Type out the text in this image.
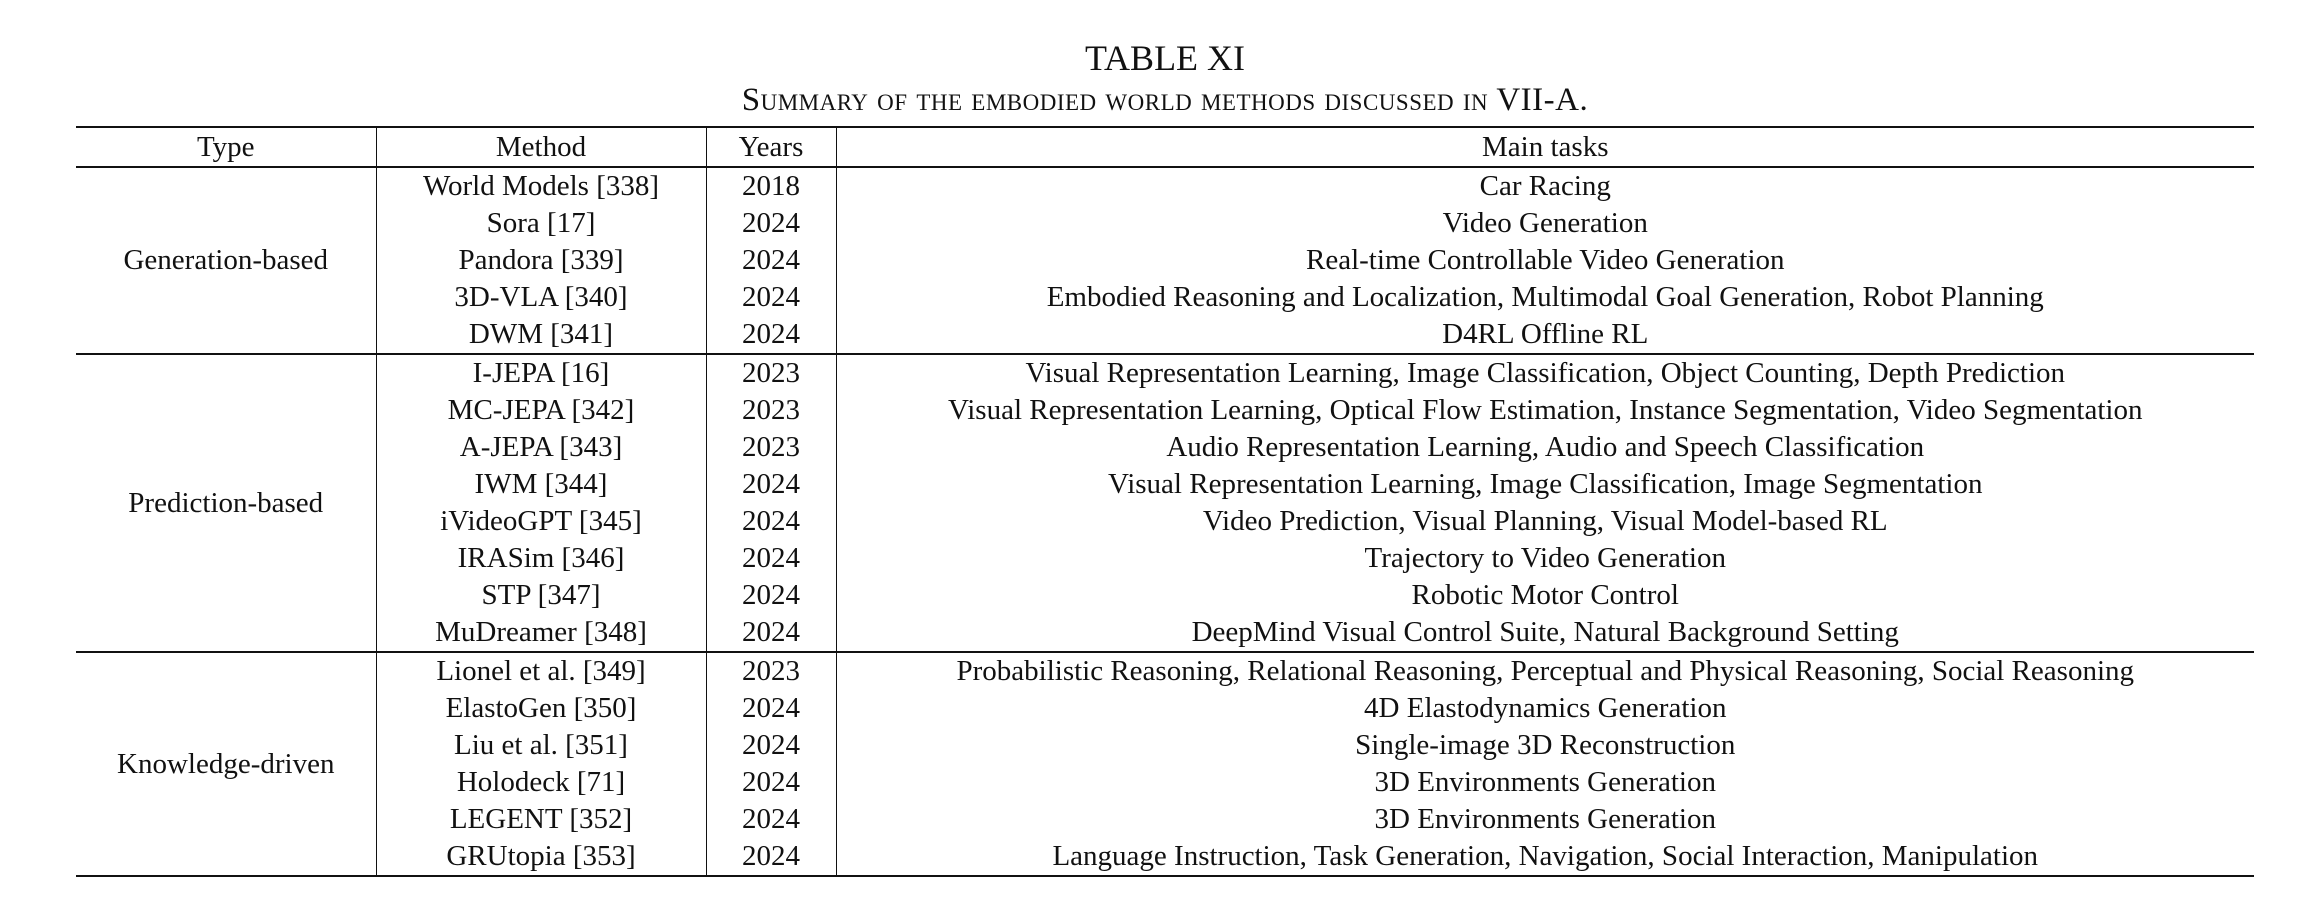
TABLE XI
Summary of the embodied world methods discussed in VII-A.
Type	Method	Years	Main tasks
Generation-based	World Models [338]	2018	Car Racing
	Sora [17]	2024	Video Generation
	Pandora [339]	2024	Real-time Controllable Video Generation
	3D-VLA [340]	2024	Embodied Reasoning and Localization, Multimodal Goal Generation, Robot Planning
	DWM [341]	2024	D4RL Offline RL
Prediction-based	I-JEPA [16]	2023	Visual Representation Learning, Image Classification, Object Counting, Depth Prediction
	MC-JEPA [342]	2023	Visual Representation Learning, Optical Flow Estimation, Instance Segmentation, Video Segmentation
	A-JEPA [343]	2023	Audio Representation Learning, Audio and Speech Classification
	IWM [344]	2024	Visual Representation Learning, Image Classification, Image Segmentation
	iVideoGPT [345]	2024	Video Prediction, Visual Planning, Visual Model-based RL
	IRASim [346]	2024	Trajectory to Video Generation
	STP [347]	2024	Robotic Motor Control
	MuDreamer [348]	2024	DeepMind Visual Control Suite, Natural Background Setting
Knowledge-driven	Lionel et al. [349]	2023	Probabilistic Reasoning, Relational Reasoning, Perceptual and Physical Reasoning, Social Reasoning
	ElastoGen [350]	2024	4D Elastodynamics Generation
	Liu et al. [351]	2024	Single-image 3D Reconstruction
	Holodeck [71]	2024	3D Environments Generation
	LEGENT [352]	2024	3D Environments Generation
	GRUtopia [353]	2024	Language Instruction, Task Generation, Navigation, Social Interaction, Manipulation
